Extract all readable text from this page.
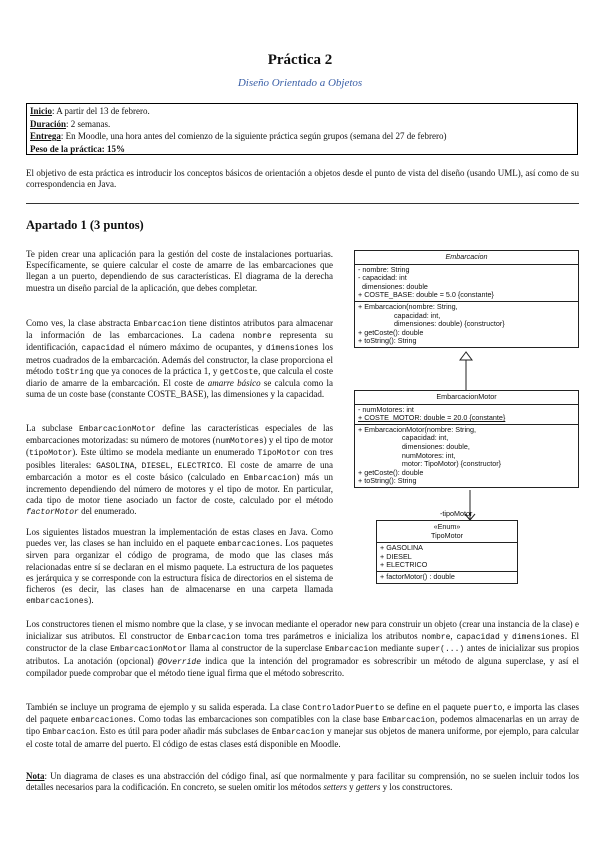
Práctica 2
Diseño Orientado a Objetos
Inicio: A partir del 13 de febrero.
Duración: 2 semanas.
Entrega: En Moodle, una hora antes del comienzo de la siguiente práctica según grupos (semana del 27 de febrero)
Peso de la práctica: 15%
El objetivo de esta práctica es introducir los conceptos básicos de orientación a objetos desde el punto de vista del diseño (usando UML), así como de su correspondencia en Java.
Apartado 1 (3 puntos)
Te piden crear una aplicación para la gestión del coste de instalaciones portuarias. Específicamente, se quiere calcular el coste de amarre de las embarcaciones que llegan a un puerto, dependiendo de sus características. El diagrama de la derecha muestra un diseño parcial de la aplicación, que debes completar.
Como ves, la clase abstracta Embarcacion tiene distintos atributos para almacenar la información de las embarcaciones. La cadena nombre representa su identificación, capacidad el número máximo de ocupantes, y dimensiones los metros cuadrados de la embarcación. Además del constructor, la clase proporciona el método toString que ya conoces de la práctica 1, y getCoste, que calcula el coste diario de amarre de la embarcación. El coste de amarre básico se calcula como la suma de un coste base (constante COSTE_BASE), las dimensiones y la capacidad.
La subclase EmbarcacionMotor define las características especiales de las embarcaciones motorizadas: su número de motores (numMotores) y el tipo de motor (tipoMotor). Este último se modela mediante un enumerado TipoMotor con tres posibles literales: GASOLINA, DIESEL, ELECTRICO. El coste de amarre de una embarcación a motor es el coste básico (calculado en Embarcacion) más un incremento dependiendo del número de motores y el tipo de motor. En particular, cada tipo de motor tiene asociado un factor de coste, calculado por el método factorMotor del enumerado.
Los siguientes listados muestran la implementación de estas clases en Java. Como puedes ver, las clases se han incluido en el paquete embarcaciones. Los paquetes sirven para organizar el código de programa, de modo que las clases más relacionadas entre sí se declaran en el mismo paquete. La estructura de los paquetes es jerárquica y se corresponde con la estructura física de directorios en el sistema de ficheros (es decir, las clases han de almacenarse en una carpeta llamada embarcaciones).
Los constructores tienen el mismo nombre que la clase, y se invocan mediante el operador new para construir un objeto (crear una instancia de la clase) e inicializar sus atributos. El constructor de Embarcacion toma tres parámetros e inicializa los atributos nombre, capacidad y dimensiones. El constructor de la clase EmbarcacionMotor llama al constructor de la superclase Embarcacion mediante super(...) antes de inicializar sus propios atributos. La anotación (opcional) @Override indica que la intención del programador es sobrescribir un método de alguna superclase, y así el compilador puede comprobar que el método tiene igual firma que el método sobrescrito.
También se incluye un programa de ejemplo y su salida esperada. La clase ControladorPuerto se define en el paquete puerto, e importa las clases del paquete embarcaciones. Como todas las embarcaciones son compatibles con la clase base Embarcacion, podemos almacenarlas en un array de tipo Embarcacion. Esto es útil para poder añadir más subclases de Embarcacion y manejar sus objetos de manera uniforme, por ejemplo, para calcular el coste total de amarre del puerto. El código de estas clases está disponible en Moodle.
Nota: Un diagrama de clases es una abstracción del código final, así que normalmente y para facilitar su comprensión, no se suelen incluir todos los detalles necesarios para la codificación. En concreto, se suelen omitir los métodos setters y getters y los constructores.
Embarcacion
- nombre: String
- capacidad: int
dimensiones: double
+ COSTE_BASE: double = 5.0 {constante}
+ Embarcacion(nombre: String,
capacidad: int,
dimensiones: double) {constructor}
+ getCoste(): double
+ toString(): String
EmbarcacionMotor
- numMotores: int
+ COSTE_MOTOR: double = 20.0 {constante}
+ EmbarcacionMotor(nombre: String,
capacidad: int,
dimensiones: double,
numMotores: int,
motor: TipoMotor) {constructor}
+ getCoste(): double
+ toString(): String
-tipoMotor
«Enum»
TipoMotor
+ GASOLINA
+ DIESEL
+ ELECTRICO
+ factorMotor() : double
